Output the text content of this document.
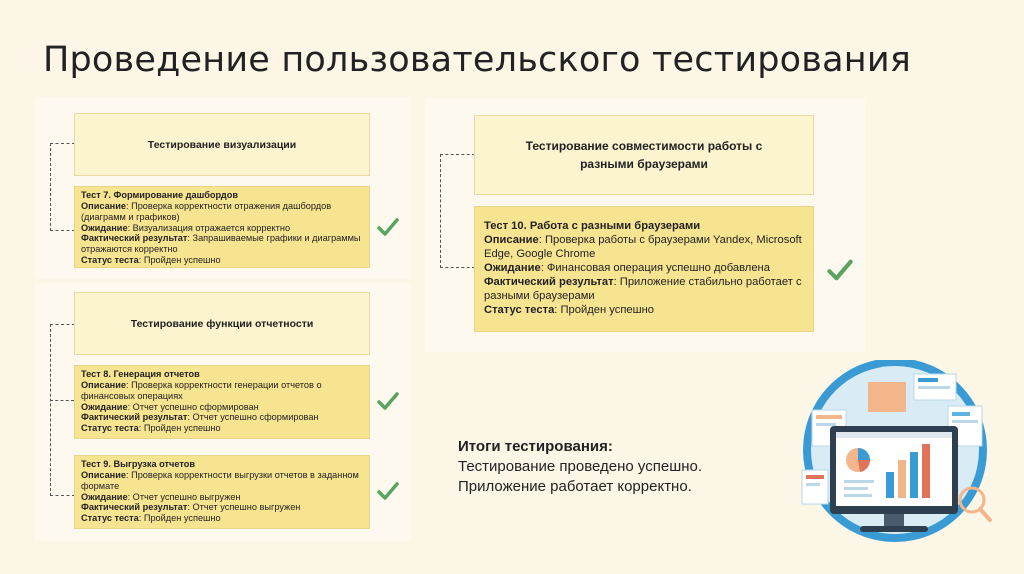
Проведение пользовательского тестирования
Тестирование визуализации
Тест 7. Формирование дашбордов
Описание: Проверка корректности отражения дашбордов (диаграмм и графиков)
Ожидание: Визуализация отражается корректно
Фактический результат: Запрашиваемые графики и диаграммы отражаются корректно
Статус теста: Пройден успешно
Тестирование функции отчетности
Тест 8. Генерация отчетов
Описание: Проверка корректности генерации отчетов о финансовых операциях
Ожидание: Отчет успешно сформирован
Фактический результат: Отчет успешно сформирован
Статус теста: Пройден успешно
Тест 9. Выгрузка отчетов
Описание: Проверка корректности выгрузки отчетов в заданном формате
Ожидание: Отчет успешно выгружен
Фактический результат: Отчет успешно выгружен
Статус теста: Пройден успешно
Тестирование совместимости работы с разными браузерами
Тест 10. Работа с разными браузерами
Описание: Проверка работы с браузерами Yandex, Microsoft Edge, Google Chrome
Ожидание: Финансовая операция успешно добавлена
Фактический результат: Приложение стабильно работает с разными браузерами
Статус теста: Пройден успешно
Итоги тестирования:
Тестирование проведено успешно.
Приложение работает корректно.
